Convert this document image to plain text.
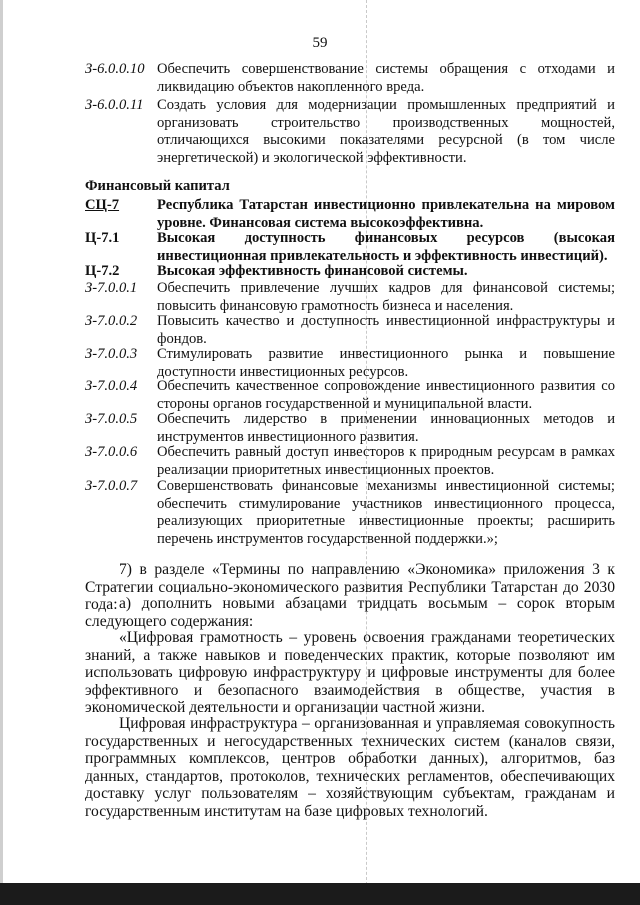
59
З-6.0.0.10 Обеспечить совершенствование системы обращения с отходами и ликвидацию объектов накопленного вреда.
З-6.0.0.11 Создать условия для модернизации промышленных предприятий и организовать строительство производственных мощностей, отличающихся высокими показателями ресурсной (в том числе энергетической) и экологической эффективности.
Финансовый капитал
СЦ-7	Республика Татарстан инвестиционно привлекательна на мировом уровне. Финансовая система высокоэффективна.
Ц-7.1	Высокая доступность финансовых ресурсов (высокая инвестиционная привлекательность и эффективность инвестиций).
Ц-7.2	Высокая эффективность финансовой системы.
З-7.0.0.1	Обеспечить привлечение лучших кадров для финансовой системы; повысить финансовую грамотность бизнеса и населения.
З-7.0.0.2	Повысить качество и доступность инвестиционной инфраструктуры и фондов.
З-7.0.0.3	Стимулировать развитие инвестиционного рынка и повышение доступности инвестиционных ресурсов.
З-7.0.0.4	Обеспечить качественное сопровождение инвестиционного развития со стороны органов государственной и муниципальной власти.
З-7.0.0.5	Обеспечить лидерство в применении инновационных методов и инструментов инвестиционного развития.
З-7.0.0.6	Обеспечить равный доступ инвесторов к природным ресурсам в рамках реализации приоритетных инвестиционных проектов.
З-7.0.0.7	Совершенствовать финансовые механизмы инвестиционной системы; обеспечить стимулирование участников инвестиционного процесса, реализующих приоритетные инвестиционные проекты; расширить перечень инструментов государственной поддержки.»;
7) в разделе «Термины по направлению «Экономика» приложения 3 к Стратегии социально-экономического развития Республики Татарстан до 2030 года: а) дополнить новыми абзацами тридцать восьмым – сорок вторым следующего содержания:
«Цифровая грамотность – уровень освоения гражданами теоретических знаний, а также навыков и поведенческих практик, которые позволяют им использовать цифровую инфраструктуру и цифровые инструменты для более эффективного и безопасного взаимодействия в обществе, участия в экономической деятельности и организации частной жизни.
Цифровая инфраструктура – организованная и управляемая совокупность государственных и негосударственных технических систем (каналов связи, программных комплексов, центров обработки данных), алгоритмов, баз данных, стандартов, протоколов, технических регламентов, обеспечивающих доставку услуг пользователям – хозяйствующим субъектам, гражданам и государственным институтам на базе цифровых технологий.
